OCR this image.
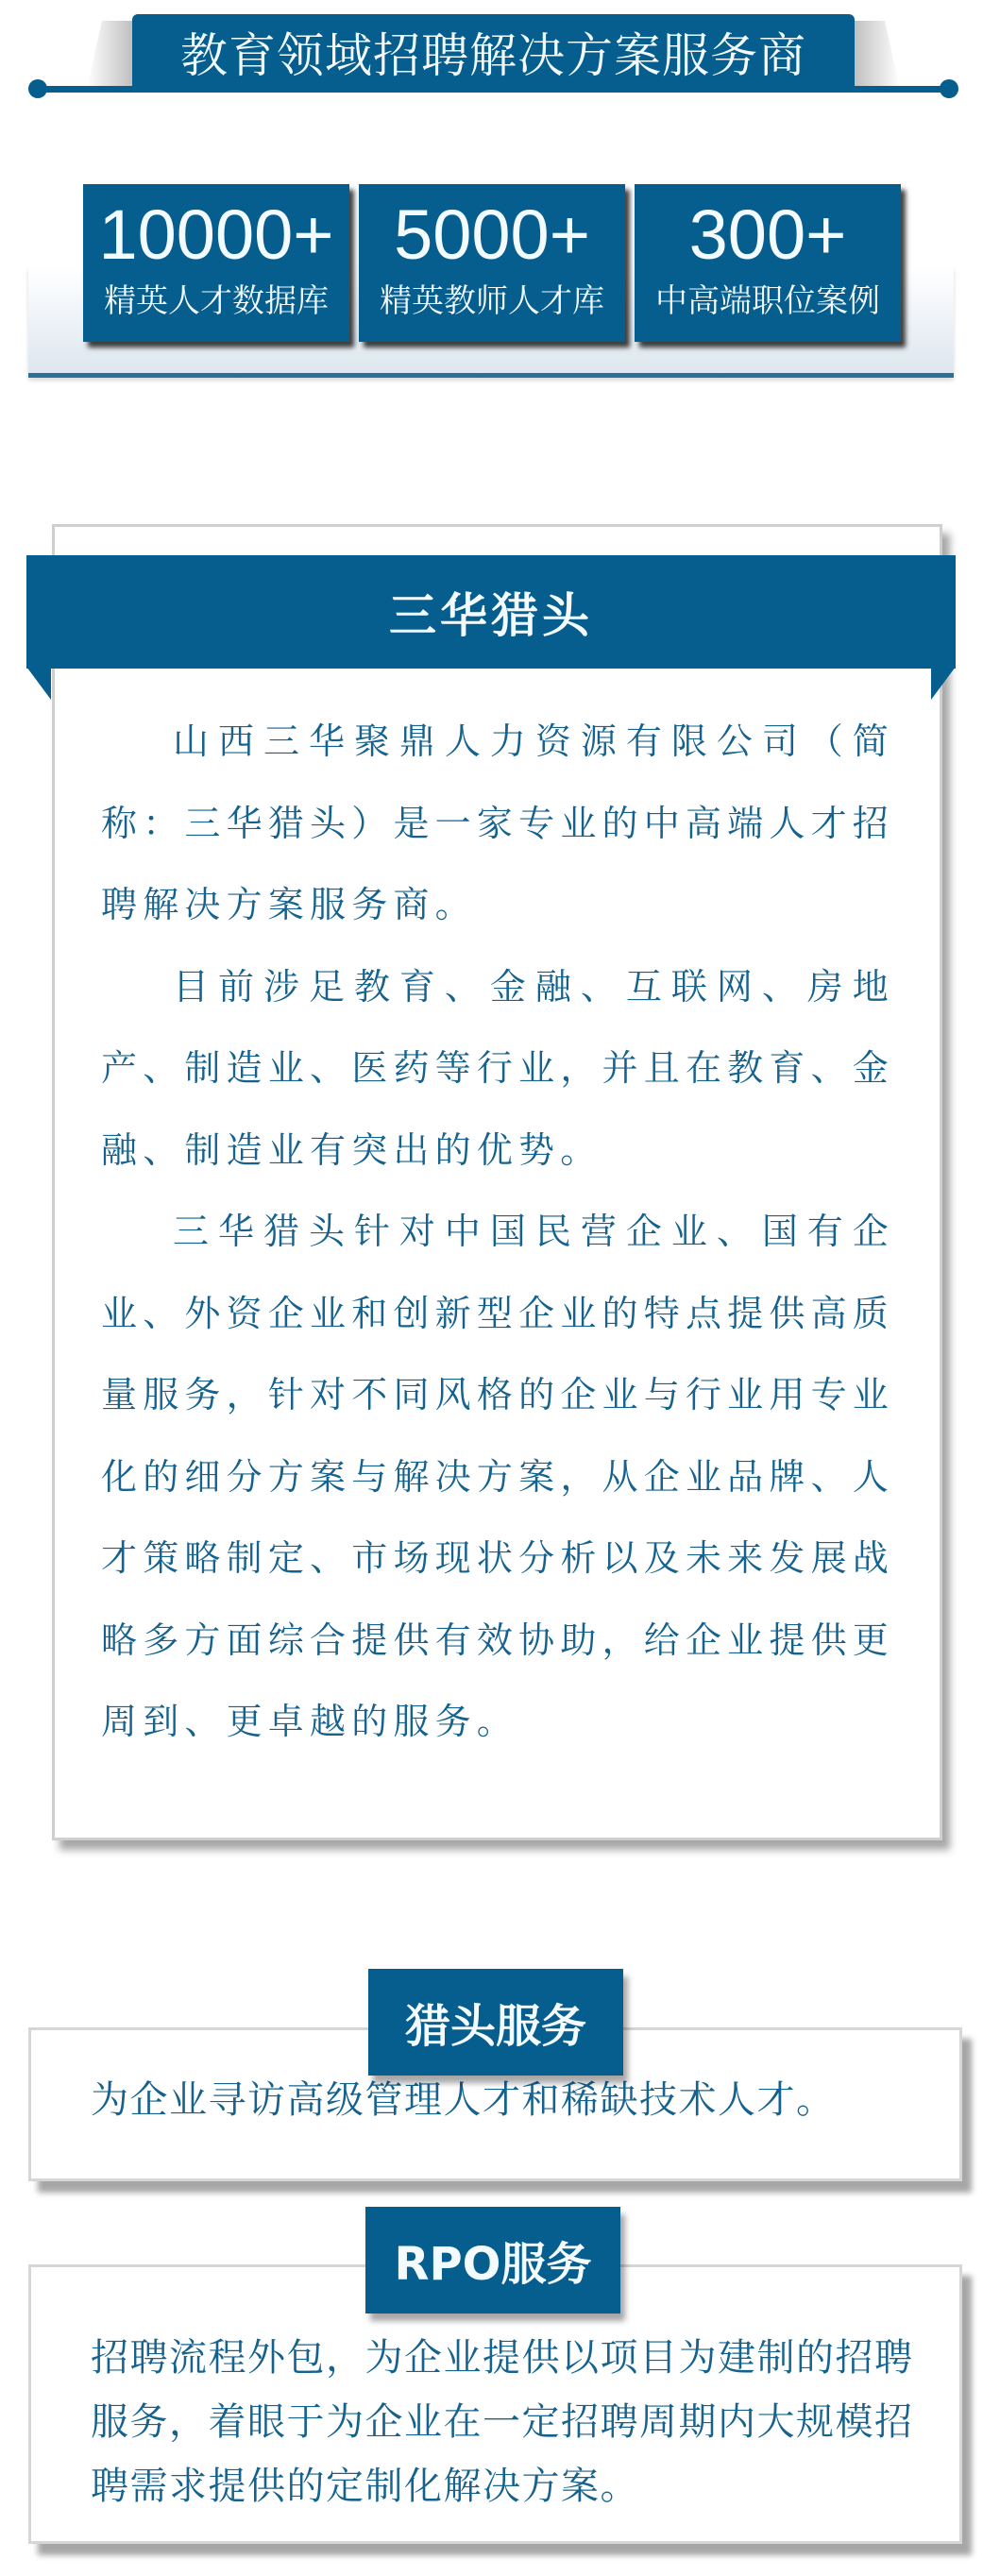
教育领域招聘解决方案服务商
10000+
精英人才数据库
5000+
精英教师人才库
300+
中高端职位案例
三华猎头

山西三华聚鼎人力资源有限公司（简称：三华猎头）是一家专业的中高端人才招聘解决方案服务商。

目前涉足教育、金融、互联网、房地产、制造业、医药等行业，并且在教育、金融、制造业有突出的优势。

三华猎头针对中国民营企业、国有企业、外资企业和创新型企业的特点提供高质量服务，针对不同风格的企业与行业用专业化的细分方案与解决方案，从企业品牌、人才策略制定、市场现状分析以及未来发展战略多方面综合提供有效协助，给企业提供更周到、更卓越的服务。

为企业寻访高级管理人才和稀缺技术人才。
猎头服务
招聘流程外包，为企业提供以项目为建制的招聘服务，着眼于为企业在一定招聘周期内大规模招聘需求提供的定制化解决方案。
RPO服务
